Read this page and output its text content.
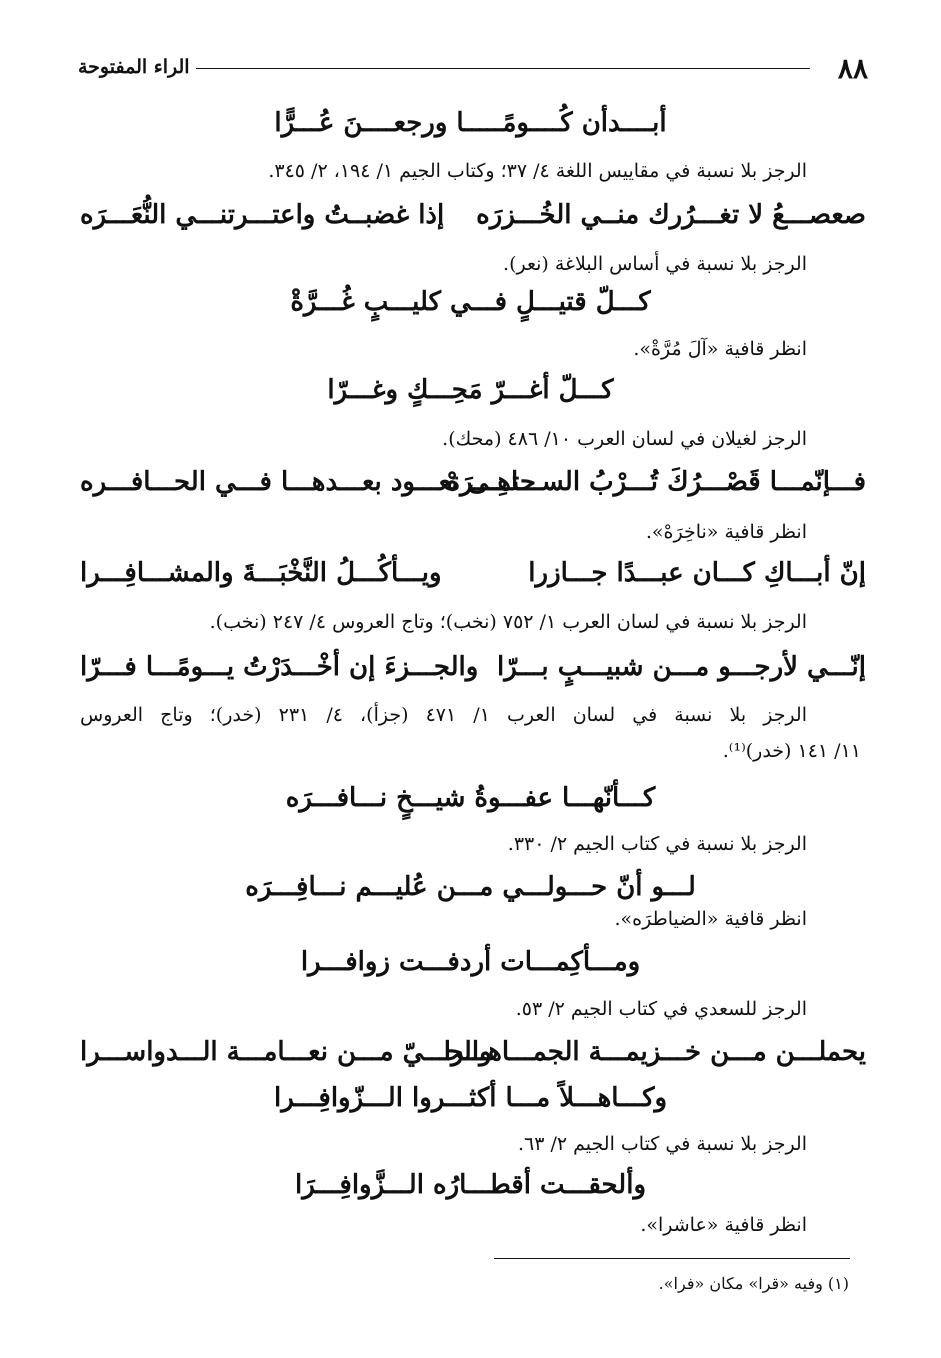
٨٨
الراء المفتوحة
أبــــدأن كُــــومًـــــا ورجعــــنَ عُـــرًّا
الرجز بلا نسبة في مقاييس اللغة ٤/ ٣٧؛ وكتاب الجيم ١/ ١٩٤، ٢/ ٣٤٥.
صعصـــعُ لا تغـــرُرك منــي الخُـــزرَه
إذا غضبــتُ واعتـــرتنـــي النُّعَـــرَه
الرجز بلا نسبة في أساس البلاغة (نعر).
كـــلّ قتيـــلٍ فـــي كليـــبٍ غُـــرَّةْ
انظر قافية «آلَ مُرَّةْ».
كـــلّ أغـــرّ مَحِـــكٍ وغـــرّا
الرجز لغيلان في لسان العرب ١٠/ ٤٨٦ (محك).
فـــإنّمـــا قَصْـــرُكَ تُـــرْبُ الســـاهِـــرَهْ
حتـــى تعـــود بعـــدهـــا فـــي الحـــافـــره
انظر قافية «ناخِرَهْ».
إنّ أبـــاكِ كـــان عبـــدًا جـــازرا
ويـــأكُـــلُ النَّخْبَـــةَ والمشـــافِـــرا
الرجز بلا نسبة في لسان العرب ١/ ٧٥٢ (نخب)؛ وتاج العروس ٤/ ٢٤٧ (نخب).
إنّـــي لأرجـــو مـــن شبيـــبٍ بـــرّا
والجـــزءَ إن أخْـــدَرْتُ يـــومًـــا فـــرّا
الرجز بلا نسبة في لسان العرب ١/ ٤٧١ (جزأ)، ٤/ ٢٣١ (خدر)؛ وتاج العروس
١١/ ١٤١ (خدر)⁽¹⁾.
كـــأنّهـــا عفـــوةُ شيـــخٍ نـــافـــرَه
الرجز بلا نسبة في كتاب الجيم ٢/ ٣٣٠.
لـــو أنّ حـــولـــي مـــن عُليـــم نـــافِـــرَه
انظر قافية «الضياطرَه».
ومـــأكِمـــات أردفـــت زوافـــرا
الرجز للسعدي في كتاب الجيم ٢/ ٥٣.
يحملـــن مـــن خـــزيمـــة الجمـــاهـــرا
والحـــيّ مـــن نعـــامـــة الـــدواســـرا
وكـــاهـــلاً مـــا أكثـــروا الـــزّوافِـــرا
الرجز بلا نسبة في كتاب الجيم ٢/ ٦٣.
وألحقـــت أقطـــارُه الـــزَّوافِـــرَا
انظر قافية «عاشرا».
(١) وفيه «قرا» مكان «فرا».
